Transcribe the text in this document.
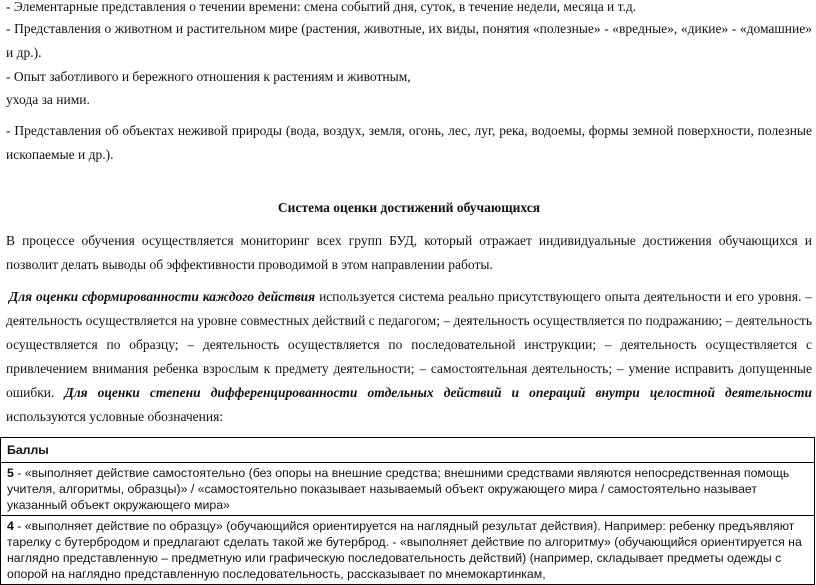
- Элементарные представления о течении времени: смена событий дня, суток, в течение недели, месяца и т.д.

- Представления о животном и растительном мире (растения, животные, их виды, понятия «полезные» - «вредные», «дикие» - «домашние» и др.).

- Опыт заботливого и бережного отношения к растениям и животным,

ухода за ними.

- Представления об объектах неживой природы (вода, воздух, земля, огонь, лес, луг, река, водоемы, формы земной поверхности, полезные ископаемые и др.).

Система оценки достижений обучающихся

В процессе обучения осуществляется мониторинг всех групп БУД, который отражает индивидуальные достижения обучающихся и позволит делать выводы об эффективности проводимой в этом направлении работы.

Для оценки сформированности каждого действия используется система реально присутствующего опыта деятельности и его уровня. – деятельность осуществляется на уровне совместных действий с педагогом; – деятельность осуществляется по подражанию; – деятельность осуществляется по образцу; – деятельность осуществляется по последовательной инструкции; – деятельность осуществляется с привлечением внимания ребенка взрослым к предмету деятельности; – самостоятельная деятельность; – умение исправить допущенные ошибки. Для оценки степени дифференцированности отдельных действий и операций внутри целостной деятельности используются условные обозначения:

Баллы
5 - «выполняет действие самостоятельно (без опоры на внешние средства; внешними средствами являются непосредственная помощь учителя, алгоритмы, образцы)» / «самостоятельно показывает называемый объект окружающего мира / самостоятельно называет указанный объект окружающего мира»
4 - «выполняет действие по образцу» (обучающийся ориентируется на наглядный результат действия). Например: ребенку предъявляют тарелку с бутербродом и предлагают сделать такой же бутерброд. - «выполняет действие по алгоритму» (обучающийся ориентируется на наглядно представленную – предметную или графическую последовательность действий) (например, складывает предметы одежды с опорой на наглядно представленную последовательность, рассказывает по мнемокартинкам,
